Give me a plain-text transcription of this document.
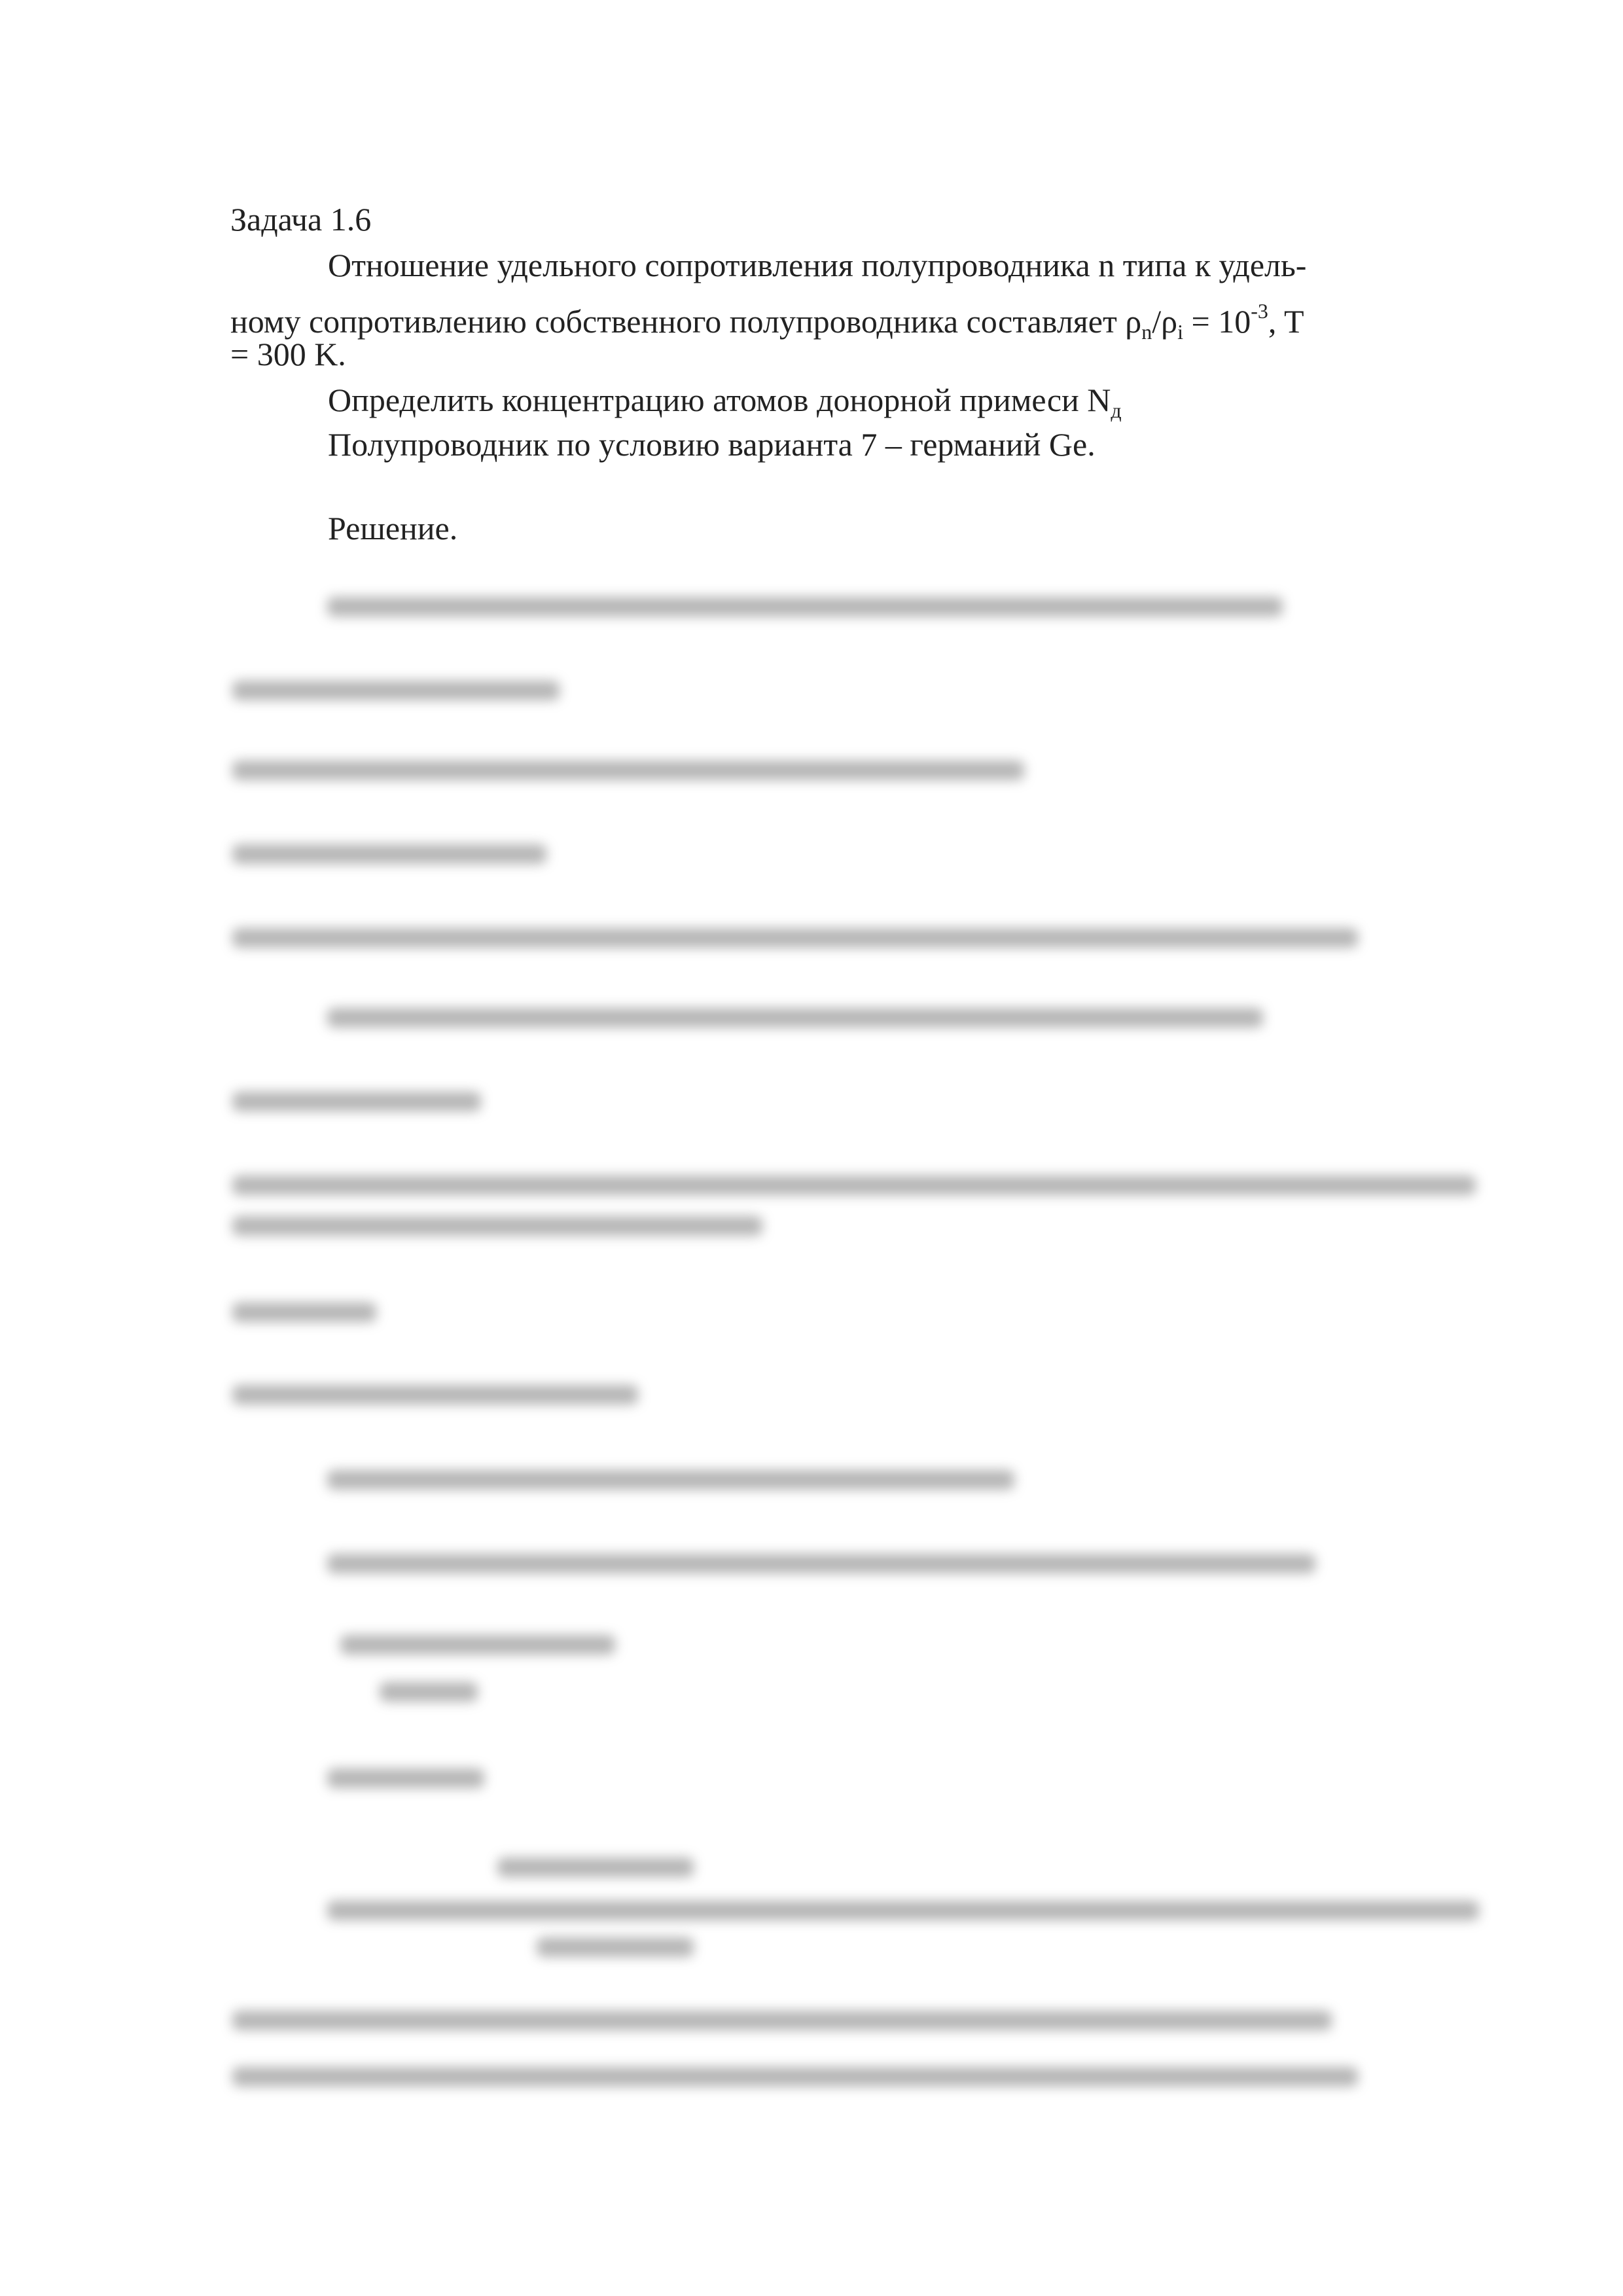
Задача 1.6
Отношение удельного сопротивления полупроводника n типа к удель-
ному сопротивлению собственного полупроводника составляет $\rho_n/\rho_i = 10^{-3}$, T
= 300 K.
Определить концентрацию атомов донорной примеси $N_д$
Полупроводник по условию варианта 7 – германий Ge.
Решение.
